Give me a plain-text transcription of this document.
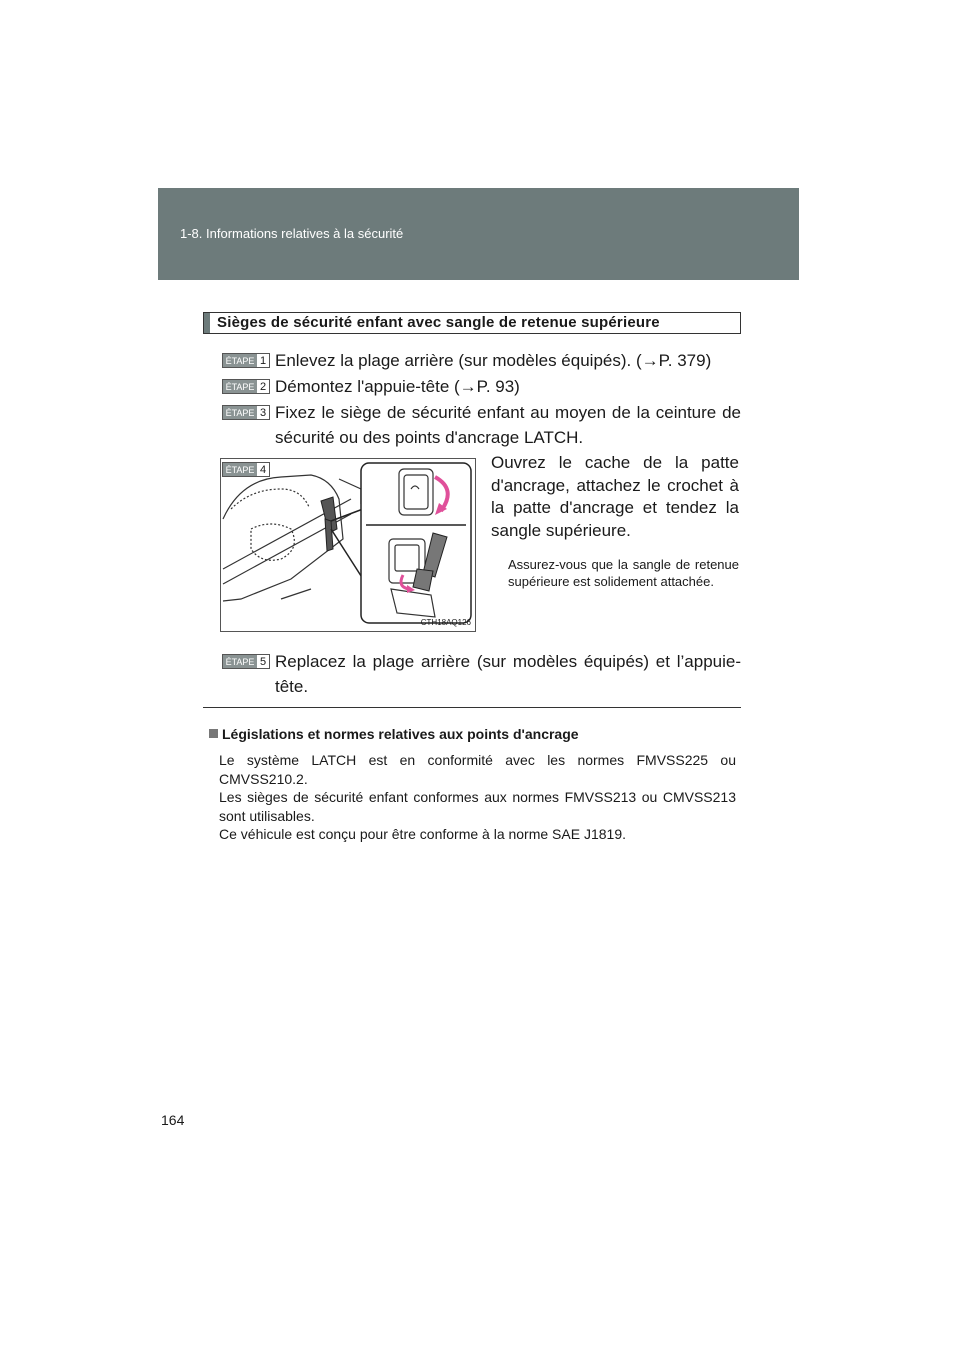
1-8. Informations relatives à la sécurité
Sièges de sécurité enfant avec sangle de retenue supérieure
ÉTAPE 1 Enlevez la plage arrière (sur modèles équipés). (→P. 379)
ÉTAPE 2 Démontez l'appuie-tête (→P. 93)
ÉTAPE 3 Fixez le siège de sécurité enfant au moyen de la ceinture de sécurité ou des points d'ancrage LATCH.
CTH18AQ126
ÉTAPE 4	Ouvrez le cache de la patte d'ancrage, attachez le crochet à la patte d'ancrage et tendez la sangle supérieure.
Assurez-vous que la sangle de retenue supérieure est solidement attachée.
ÉTAPE 5 Replacez la plage arrière (sur modèles équipés) et l’appuie-tête.
Législations et normes relatives aux points d'ancrage

Le système LATCH est en conformité avec les normes FMVSS225 ou CMVSS210.2.

Les sièges de sécurité enfant conformes aux normes FMVSS213 ou CMVSS213 sont utilisables.

Ce véhicule est conçu pour être conforme à la norme SAE J1819.

164
